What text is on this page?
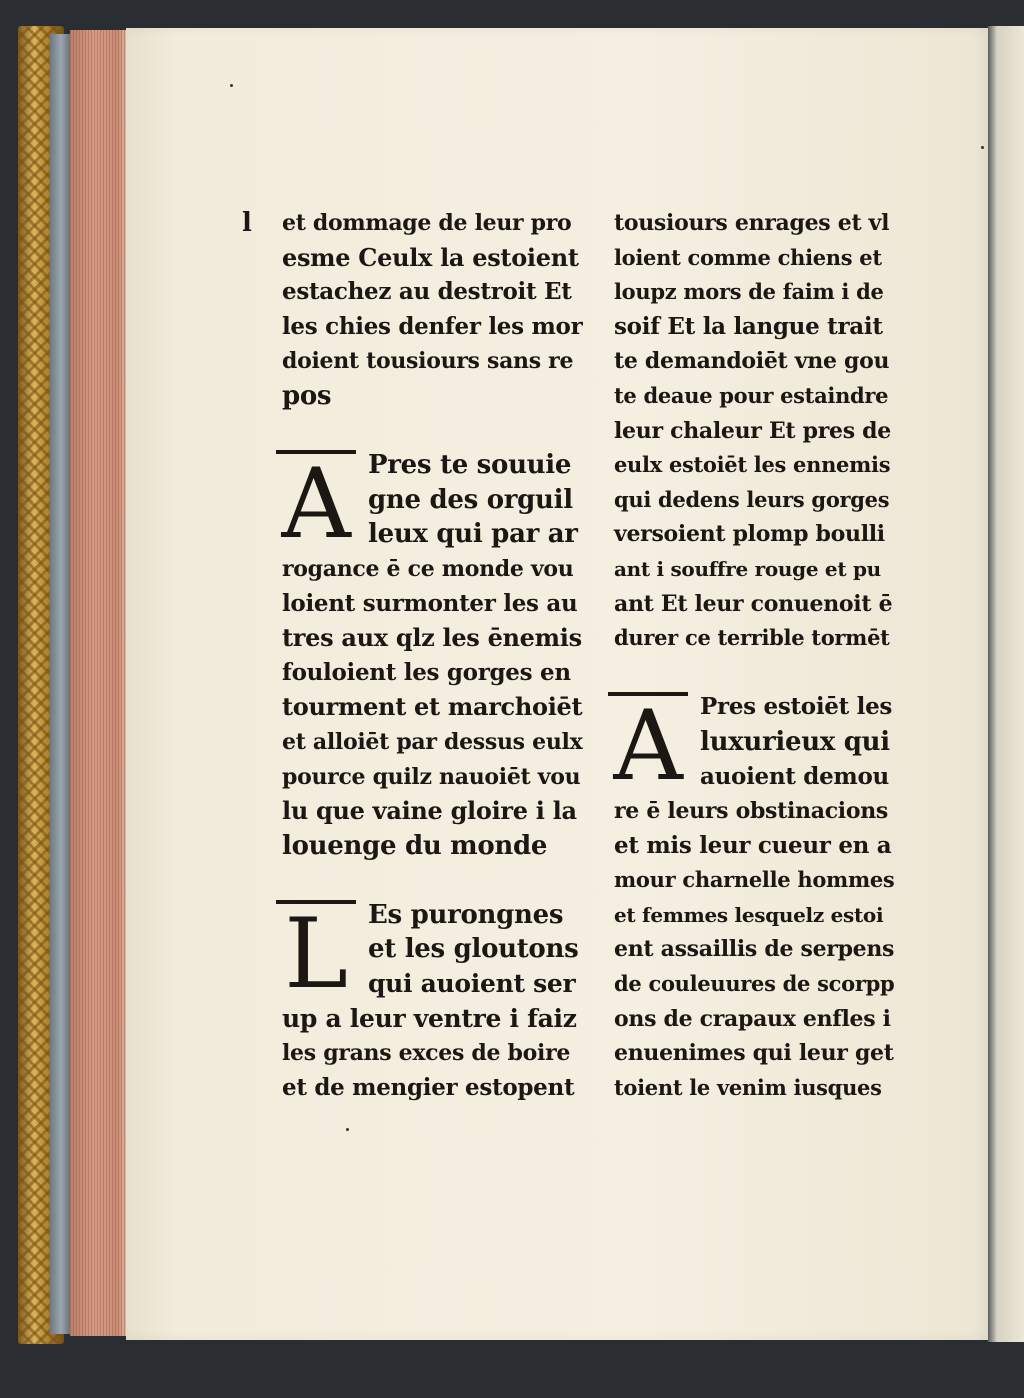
l et dommage de leur pro
esme Ceulx la estoient
estachez au destroit Et
les chies denfer les mor
doient tousiours sans re
pos
A Pres te souuie
gne des orguil
leux qui par ar
rogance ē ce monde vou
loient surmonter les au
tres aux qlz les ēnemis
fouloient les gorges en
tourment et marchoiēt
et alloiēt par dessus eulx
pource quilz nauoiēt vou
lu que vaine gloire i la
louenge du monde
L Es purongnes
et les gloutons
qui auoient ser
up a leur ventre i faiz
les grans exces de boire
et de mengier estopent
tousiours enrages et vl
loient comme chiens et
loupz mors de faim i de
soif Et la langue trait
te demandoiēt vne gou
te deaue pour estaindre
leur chaleur Et pres de
eulx estoiēt les ennemis
qui dedens leurs gorges
versoient plomp boulli
ant i souffre rouge et pu
ant Et leur conuenoit ē
durer ce terrible tormēt
A Pres estoiēt les
luxurieux qui
auoient demou
re ē leurs obstinacions
et mis leur cueur en a
mour charnelle hommes
et femmes lesquelz estoi
ent assaillis de serpens
de couleuures de scorpp
ons de crapaux enfles i
enuenimes qui leur get
toient le venim iusques
